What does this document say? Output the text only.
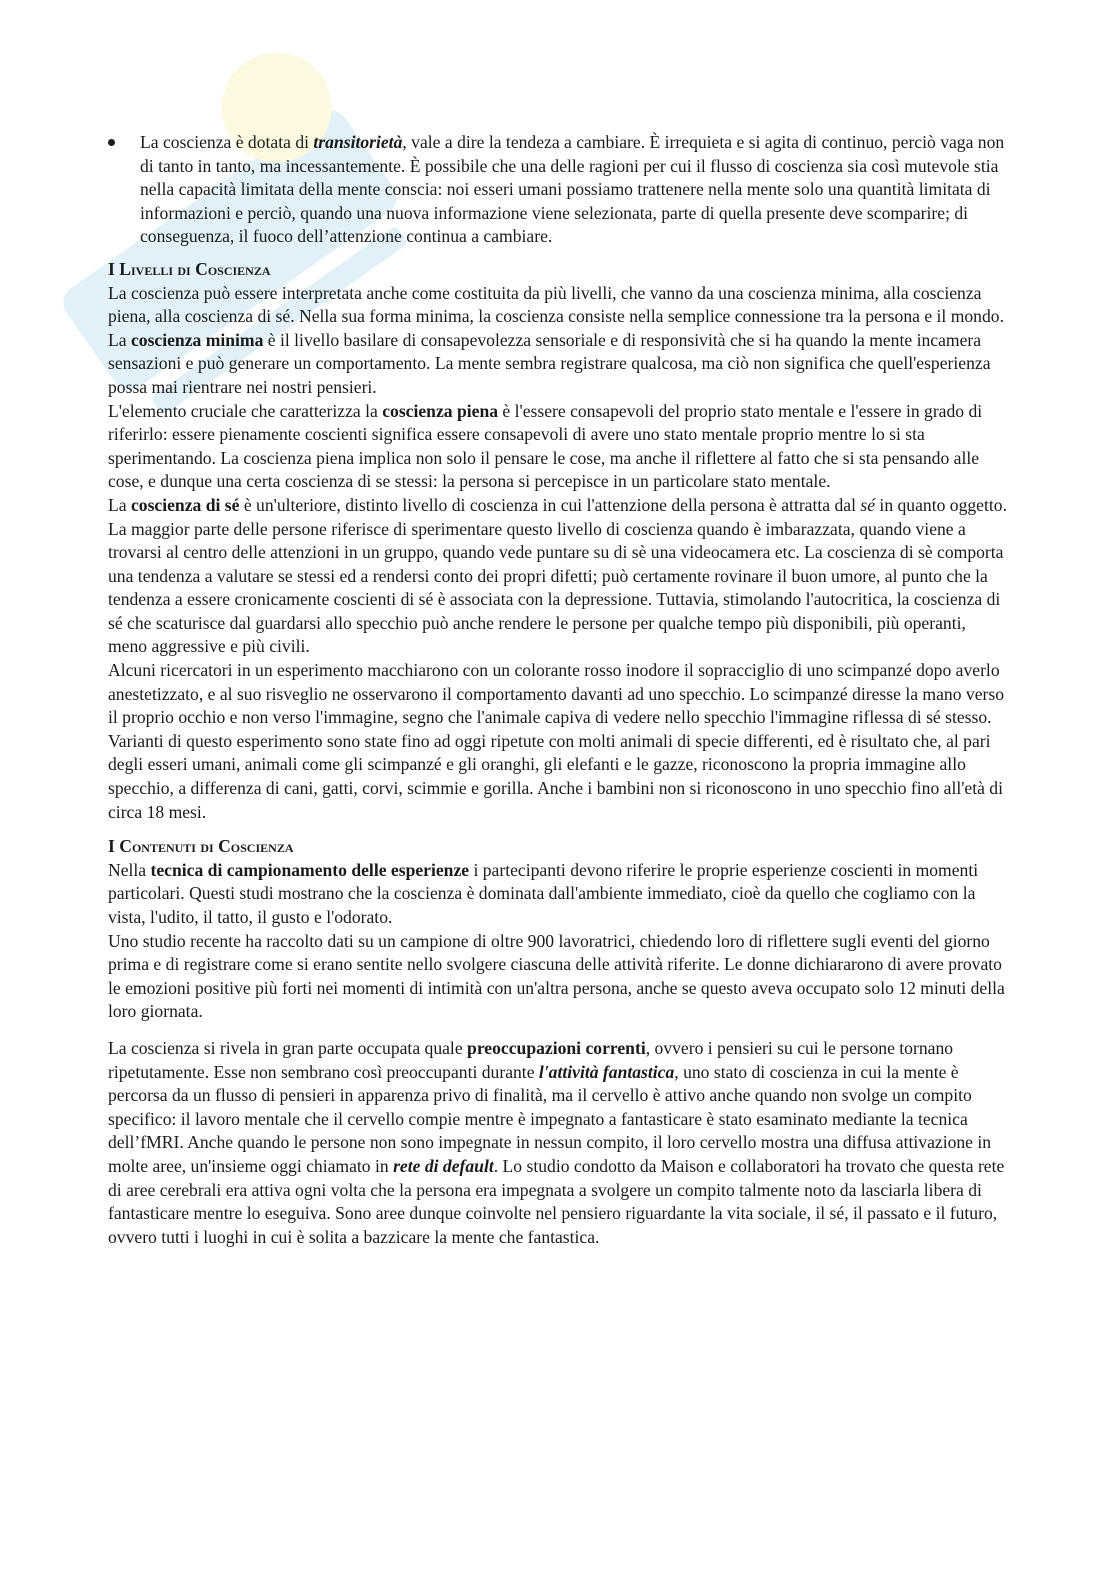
La coscienza è dotata di transitorietà, vale a dire la tendeza a cambiare. È irrequieta e si agita di continuo, perciò vaga non di tanto in tanto, ma incessantemente. È possibile che una delle ragioni per cui il flusso di coscienza sia così mutevole stia nella capacità limitata della mente conscia: noi esseri umani possiamo trattenere nella mente solo una quantità limitata di informazioni e perciò, quando una nuova informazione viene selezionata, parte di quella presente deve scomparire; di conseguenza, il fuoco dell’attenzione continua a cambiare.
I Livelli di Coscienza

La coscienza può essere interpretata anche come costituita da più livelli, che vanno da una coscienza minima, alla coscienza piena, alla coscienza di sé. Nella sua forma minima, la coscienza consiste nella semplice connessione tra la persona e il mondo. La coscienza minima è il livello basilare di consapevolezza sensoriale e di responsività che si ha quando la mente incamera sensazioni e può generare un comportamento. La mente sembra registrare qualcosa, ma ciò non significa che quell'esperienza possa mai rientrare nei nostri pensieri.

L'elemento cruciale che caratterizza la coscienza piena è l'essere consapevoli del proprio stato mentale e l'essere in grado di riferirlo: essere pienamente coscienti significa essere consapevoli di avere uno stato mentale proprio mentre lo si sta sperimentando. La coscienza piena implica non solo il pensare le cose, ma anche il riflettere al fatto che si sta pensando alle cose, e dunque una certa coscienza di se stessi: la persona si percepisce in un particolare stato mentale.

La coscienza di sé è un'ulteriore, distinto livello di coscienza in cui l'attenzione della persona è attratta dal sé in quanto oggetto. La maggior parte delle persone riferisce di sperimentare questo livello di coscienza quando è imbarazzata, quando viene a trovarsi al centro delle attenzioni in un gruppo, quando vede puntare su di sè una videocamera etc. La coscienza di sè comporta una tendenza a valutare se stessi ed a rendersi conto dei propri difetti; può certamente rovinare il buon umore, al punto che la tendenza a essere cronicamente coscienti di sé è associata con la depressione. Tuttavia, stimolando l'autocritica, la coscienza di sé che scaturisce dal guardarsi allo specchio può anche rendere le persone per qualche tempo più disponibili, più operanti, meno aggressive e più civili.

Alcuni ricercatori in un esperimento macchiarono con un colorante rosso inodore il sopracciglio di uno scimpanzé dopo averlo anestetizzato, e al suo risveglio ne osservarono il comportamento davanti ad uno specchio. Lo scimpanzé diresse la mano verso il proprio occhio e non verso l'immagine, segno che l'animale capiva di vedere nello specchio l'immagine riflessa di sé stesso. Varianti di questo esperimento sono state fino ad oggi ripetute con molti animali di specie differenti, ed è risultato che, al pari degli esseri umani, animali come gli scimpanzé e gli oranghi, gli elefanti e le gazze, riconoscono la propria immagine allo specchio, a differenza di cani, gatti, corvi, scimmie e gorilla. Anche i bambini non si riconoscono in uno specchio fino all'età di circa 18 mesi.

I Contenuti di Coscienza

Nella tecnica di campionamento delle esperienze i partecipanti devono riferire le proprie esperienze coscienti in momenti particolari. Questi studi mostrano che la coscienza è dominata dall'ambiente immediato, cioè da quello che cogliamo con la vista, l'udito, il tatto, il gusto e l'odorato.

Uno studio recente ha raccolto dati su un campione di oltre 900 lavoratrici, chiedendo loro di riflettere sugli eventi del giorno prima e di registrare come si erano sentite nello svolgere ciascuna delle attività riferite. Le donne dichiararono di avere provato le emozioni positive più forti nei momenti di intimità con un'altra persona, anche se questo aveva occupato solo 12 minuti della loro giornata.

La coscienza si rivela in gran parte occupata quale preoccupazioni correnti, ovvero i pensieri su cui le persone tornano ripetutamente. Esse non sembrano così preoccupanti durante l'attività fantastica, uno stato di coscienza in cui la mente è percorsa da un flusso di pensieri in apparenza privo di finalità, ma il cervello è attivo anche quando non svolge un compito specifico: il lavoro mentale che il cervello compie mentre è impegnato a fantasticare è stato esaminato mediante la tecnica dell’fMRI. Anche quando le persone non sono impegnate in nessun compito, il loro cervello mostra una diffusa attivazione in molte aree, un'insieme oggi chiamato in rete di default. Lo studio condotto da Maison e collaboratori ha trovato che questa rete di aree cerebrali era attiva ogni volta che la persona era impegnata a svolgere un compito talmente noto da lasciarla libera di fantasticare mentre lo eseguiva. Sono aree dunque coinvolte nel pensiero riguardante la vita sociale, il sé, il passato e il futuro, ovvero tutti i luoghi in cui è solita a bazzicare la mente che fantastica.
